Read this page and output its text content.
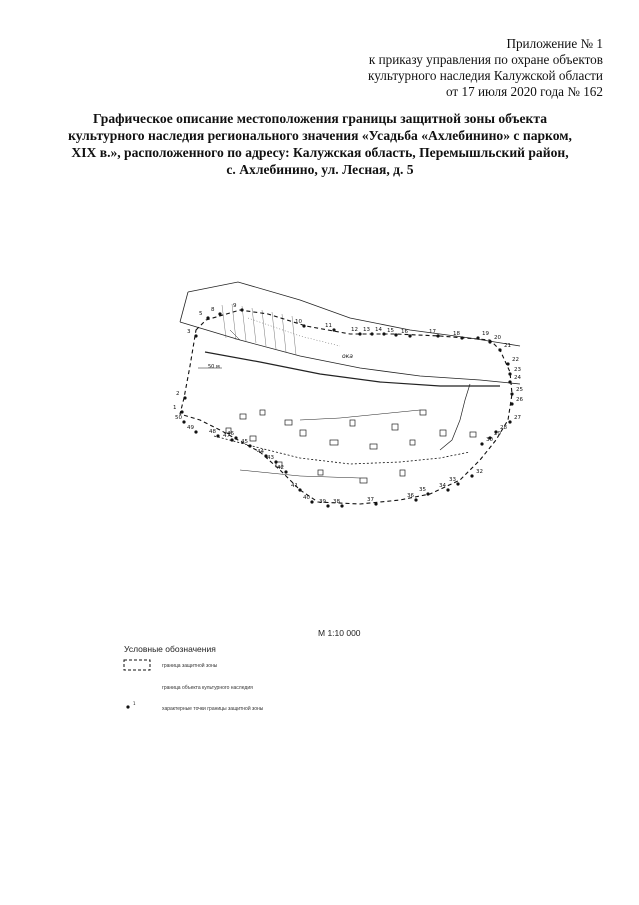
Приложение № 1
к приказу управления по охране объектов
культурного наследия Калужской области
от 17 июля 2020 года № 162
Графическое описание местоположения границы защитной зоны объекта
культурного наследия регионального значения «Усадьба «Ахлебинино» с парком,
XIX в.», расположенного по адресу: Калужская область, Перемышльский район,
с. Ахлебинино, ул. Лесная, д. 5
1
2
3
5
8
9
10
11
12 13 14 15 16	17	18	19
20
21
22
23
24
25
26
27
28
29
30
32
33
34
35
36
37
38
39
40
41
42
43
44
45
46
47
48
49
50
ока
50 м
1
М 1:10 000
Условные обозначения
граница защитной зоны
граница объекта культурного наследия
характерные точки границы защитной зоны
